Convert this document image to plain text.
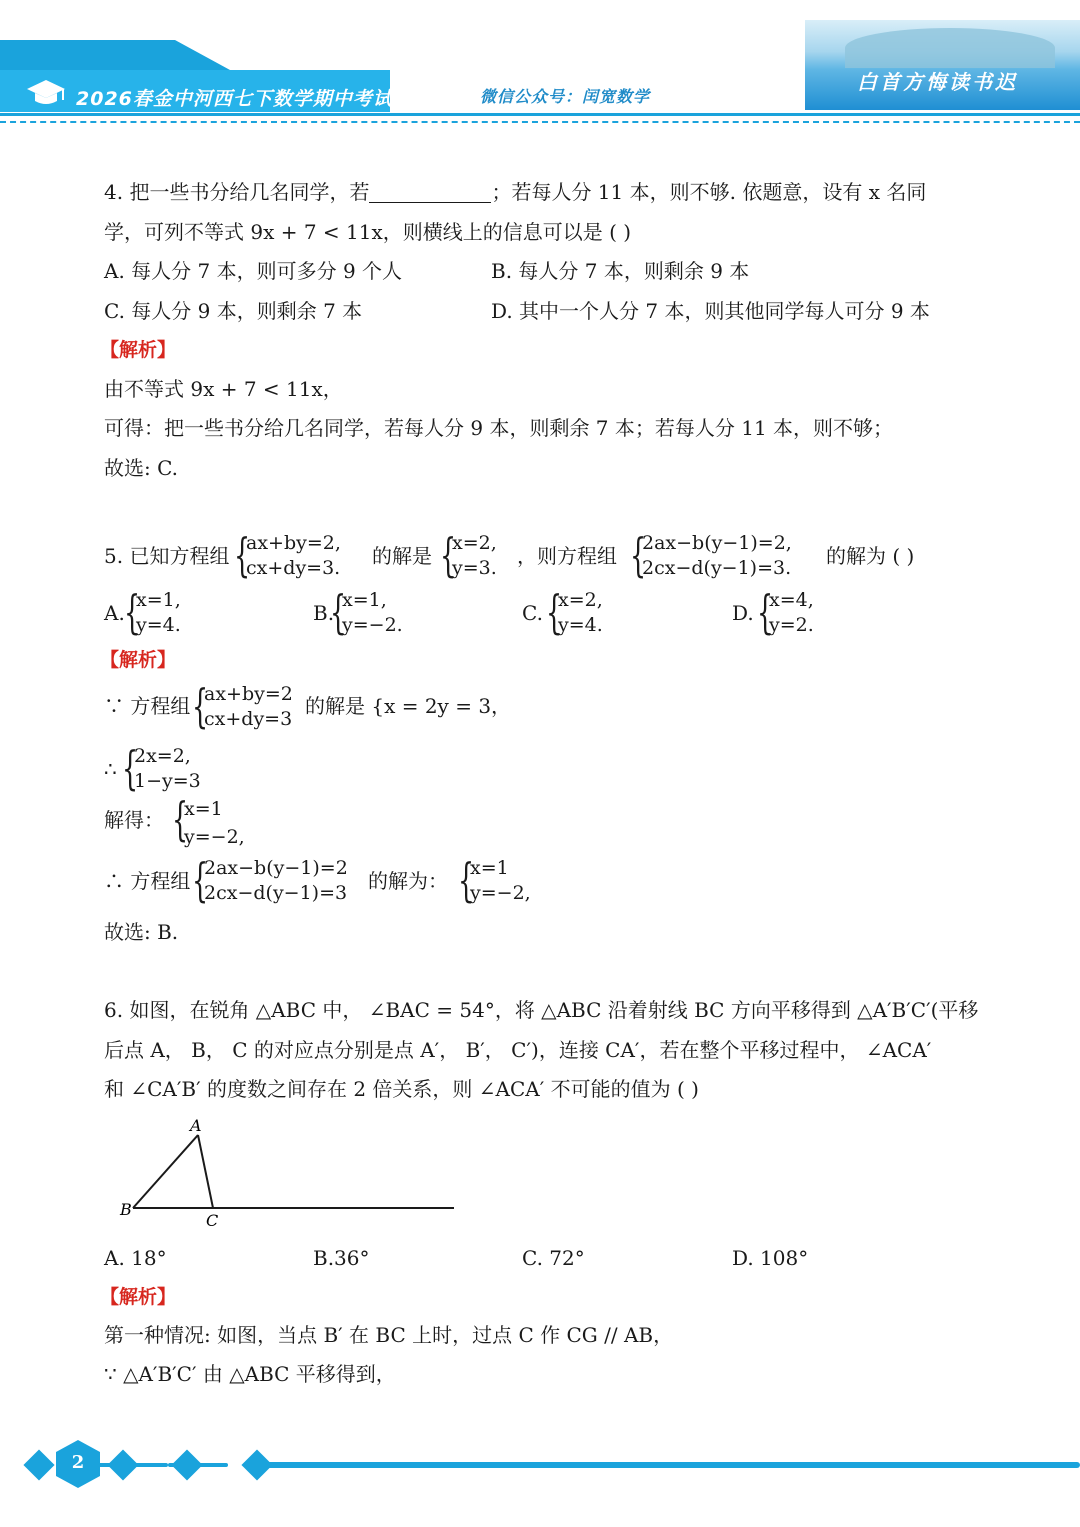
2026春金中河西七下数学期中考试	微信公众号：闰宽数学
白首方悔读书迟
4. 把一些书分给几名同学，若	；若每人分 11 本，则不够. 依题意，设有 x 名同
学，可列不等式 9x + 7 < 11x，则横线上的信息可以是 ( )
A. 每人分 7 本，则可多分 9 个人	B. 每人分 7 本，则剩余 9 本
C. 每人分 9 本，则剩余 7 本	D. 其中一个人分 7 本，则其他同学每人可分 9 本
【解析】
由不等式 9x + 7 < 11x，
可得：把一些书分给几名同学，若每人分 9 本，则剩余 7 本；若每人分 11 本，则不够；
故选: C.
5. 已知方程组 {
ax+by=2,
cx+dy=3. 的解是 {
x=2,
y=3. ，则方程组 {
2ax−b(y−1)=2,
2cx−d(y−1)=3. 的解为 ( )
A. {
x=1,
y=4.	B.
{
x=1,
y=−2.	C. {
x=2,
y=4.	D. {
x=4,
y=2.
【解析】
∵ 方程组 {
ax+by=2
cx+dy=3
的解是 {x = 2y = 3，
∴ {
2x=2,
1−y=3
解得： {
x=1
y=−2,
∴ 方程组 {
2ax−b(y−1)=2
2cx−d(y−1)=3 的解为： {
x=1
y=−2,
故选: B.
6. 如图，在锐角 △ABC 中， ∠BAC = 54°，将 △ABC 沿着射线 BC 方向平移得到 △A′B′C′(平移
后点 A， B， C 的对应点分别是点 A′， B′， C′)，连接 CA′，若在整个平移过程中， ∠ACA′
和 ∠CA′B′ 的度数之间存在 2 倍关系，则 ∠ACA′ 不可能的值为 ( )
A
B
C
A. 18°	B.36°	C. 72°	D. 108°
【解析】
第一种情况: 如图，当点 B′ 在 BC 上时，过点 C 作 CG // AB，
∵ △A′B′C′ 由 △ABC 平移得到，
2
